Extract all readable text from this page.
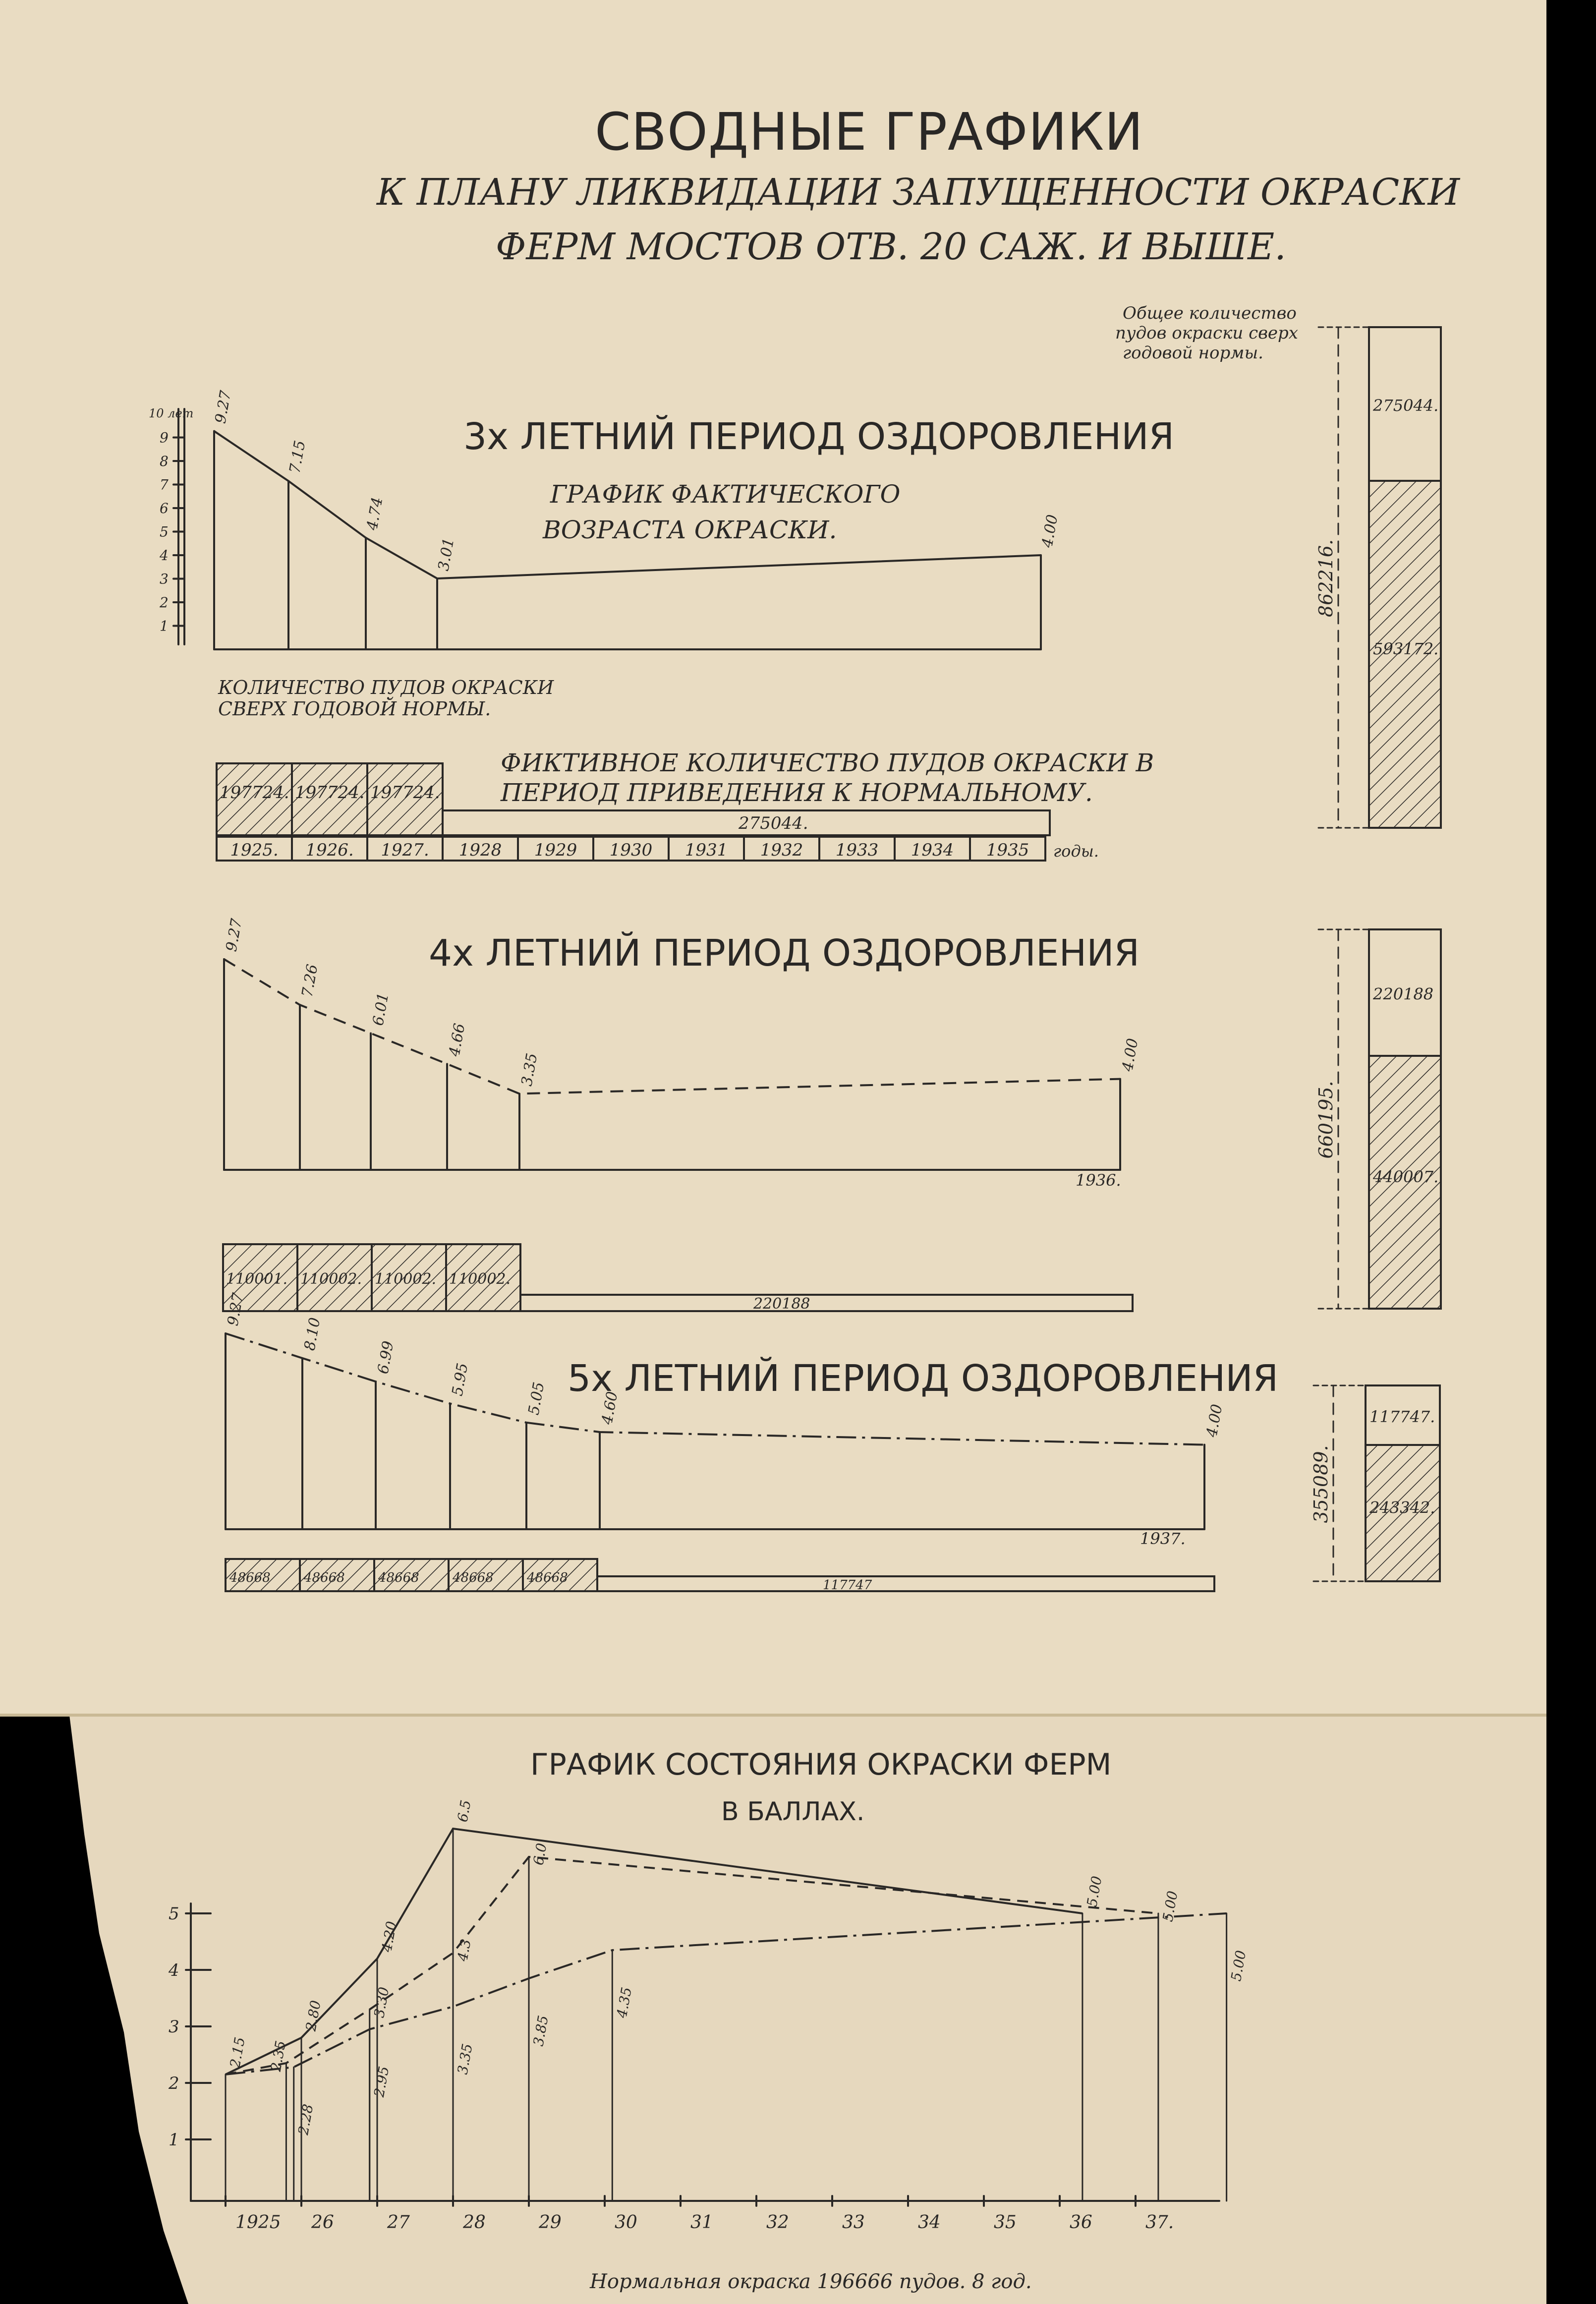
10 лет
1
2
3
4
5
6
7
8
9
9.27
7.15
4.74
3.01
4.00
197724. 197724. 197724.
275044.
1925. 1926. 1927. 1928 1929 1930 1931 1932 1933 1934 1935 годы.
9.27
7.26
6.01
4.66
3.35	4.00
1936.
110001. 110002. 110002. 110002.
220188
9.27
8.10
6.99
5.95
5.05	4.60	4.00
1937.
48668	48668	48668	48668	48668	117747
862216.
275044.
593172.
660195.
220188
440007.
355089.
117747.
243342.
1
2
3
4
5
1925 26	27	28	29	30	31	32	33	34	35	36	37.
2.15
2.80
4.20
6.5
5.00
2.35
3.30
4.3
6.0
5.00
2.28
2.95
3.35
3.85
4.35
5.00
СВОДНЫЕ ГРАФИКИ
К ПЛАНУ ЛИКВИДАЦИИ ЗАПУЩЕННОСТИ ОКРАСКИ
ФЕРМ МОСТОВ ОТВ. 20 САЖ. И ВЫШЕ.
Общее количество
пудов окраски сверх
годовой нормы.
3х ЛЕТНИЙ ПЕРИОД ОЗДОРОВЛЕНИЯ
ГРАФИК ФАКТИЧЕСКОГО
ВОЗРАСТА ОКРАСКИ.
КОЛИЧЕСТВО ПУДОВ ОКРАСКИ
СВЕРХ ГОДОВОЙ НОРМЫ.
ФИКТИВНОЕ КОЛИЧЕСТВО ПУДОВ ОКРАСКИ В
ПЕРИОД ПРИВЕДЕНИЯ К НОРМАЛЬНОМУ.
4х ЛЕТНИЙ ПЕРИОД ОЗДОРОВЛЕНИЯ
5х ЛЕТНИЙ ПЕРИОД ОЗДОРОВЛЕНИЯ
ГРАФИК СОСТОЯНИЯ ОКРАСКИ ФЕРМ
В БАЛЛАХ.
Нормальная окраска 196666 пудов. 8 год.
